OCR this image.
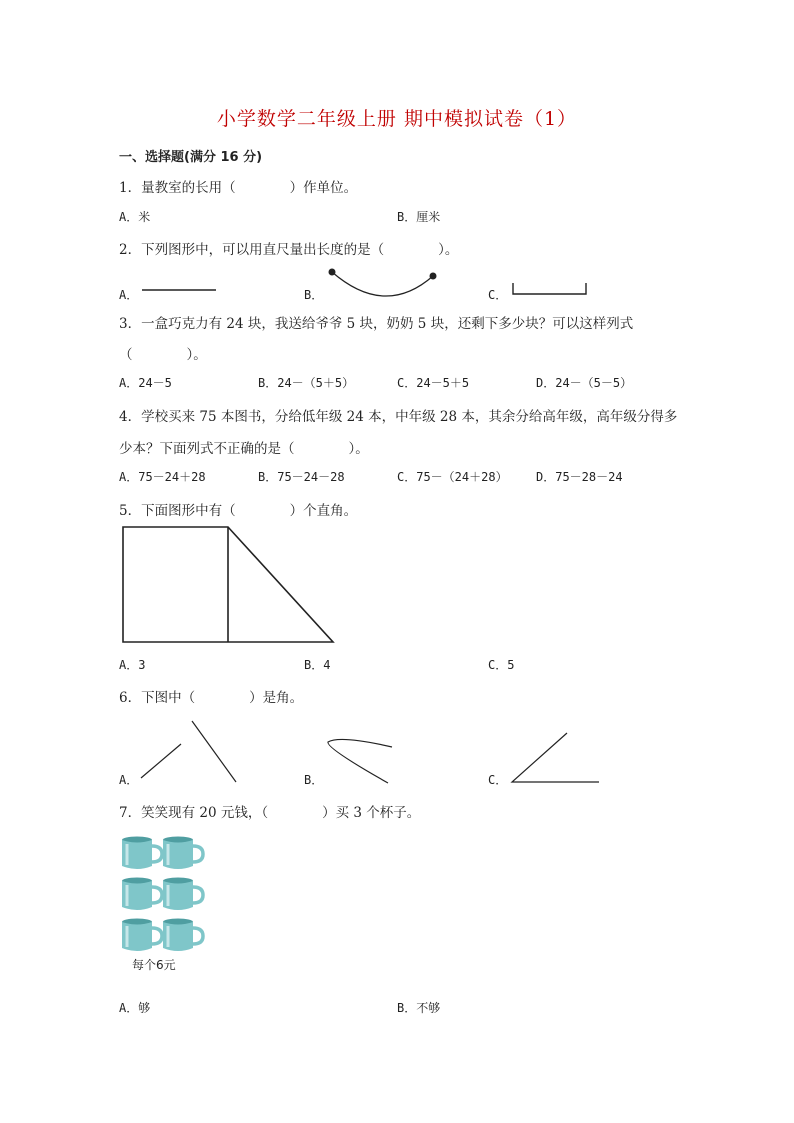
小学数学二年级上册 期中模拟试卷（1）
一、选择题(满分 16 分)
1．量教室的长用（　　　　）作单位。
A．米	B．厘米
2．下列图形中，可以用直尺量出长度的是（　　　　）。
A．	B．	C．
3．一盒巧克力有 24 块，我送给爷爷 5 块，奶奶 5 块，还剩下多少块？可以这样列式
（　　　　）。
A．24－5	B．24－（5＋5）	C．24－5＋5	D．24－（5－5）
4．学校买来 75 本图书，分给低年级 24 本，中年级 28 本，其余分给高年级，高年级分得多
少本？下面列式不正确的是（　　　　）。
A．75－24＋28	B．75－24－28	C．75－（24＋28） D．75－28－24
5．下面图形中有（　　　　）个直角。
A．3	B．4	C．5
6．下图中（　　　　）是角。
A．	B．	C．
7．笑笑现有 20 元钱，（　　　　）买 3 个杯子。
每个6元
A．够	B．不够
